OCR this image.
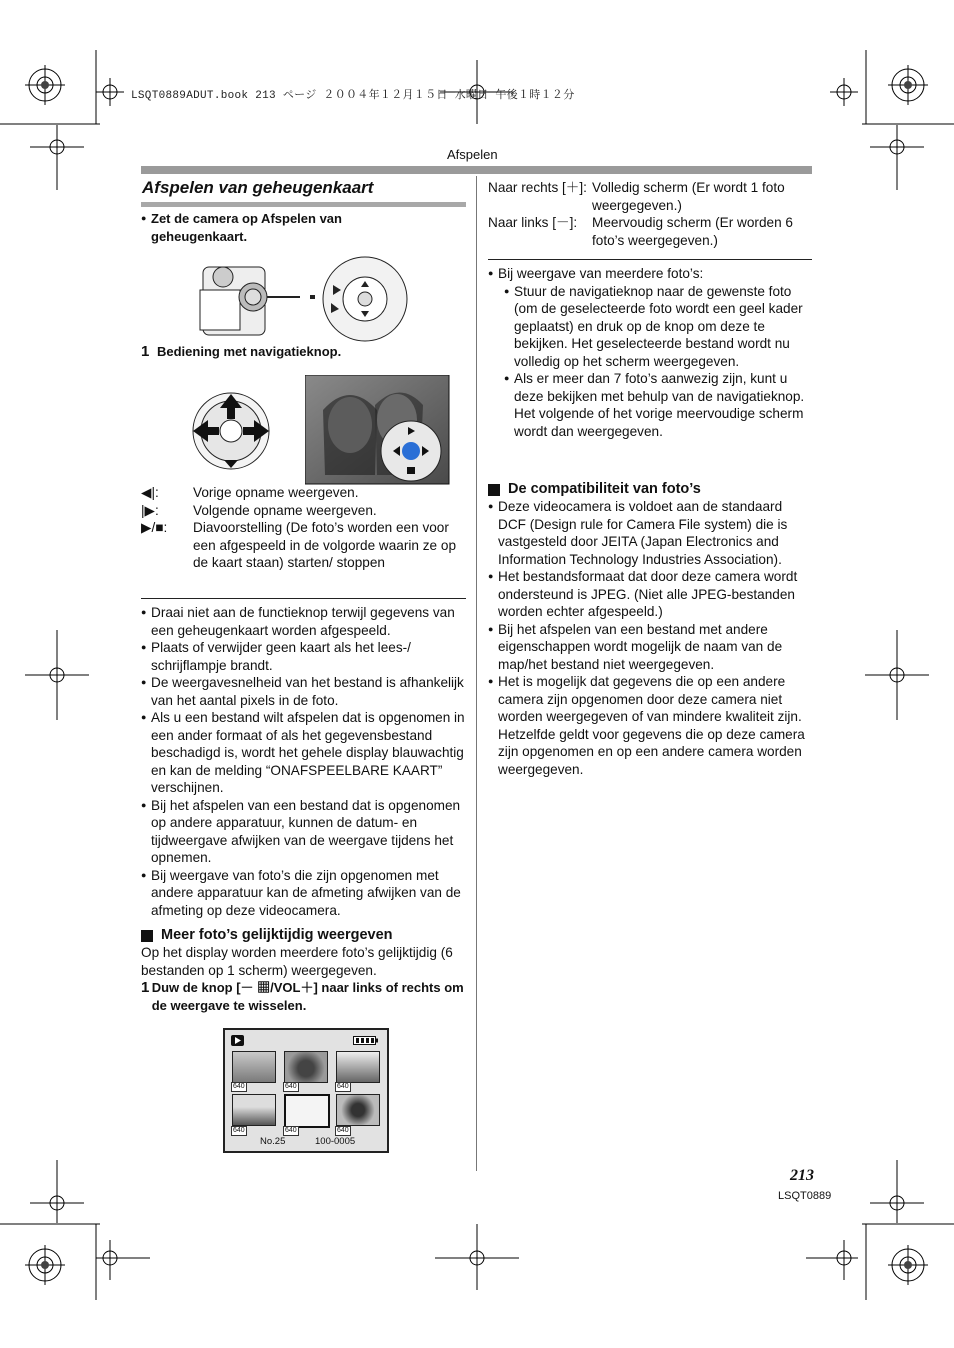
LSQT0889ADUT.book 213 ページ ２００４年１２月１５日 水曜日 午後１時１２分
Afspelen
Afspelen van geheugenkaart
● Zet de camera op Afspelen van geheugenkaart.
1 Bediening met navigatieknop.
◀|:	Vorige opname weergeven.
|▶:	Volgende opname weergeven.
▶/■:	Diavoorstelling (De foto’s worden een voor een afgespeeld in de volgorde waarin ze op de kaart staan) starten/ stoppen
● Draai niet aan de functieknop terwijl gegevens van een geheugenkaart worden afgespeeld.
● Plaats of verwijder geen kaart als het lees-/ schrijflampje brandt.
● De weergavesnelheid van het bestand is afhankelijk van het aantal pixels in de foto.
● Als u een bestand wilt afspelen dat is opgenomen in een ander formaat of als het gegevensbestand beschadigd is, wordt het gehele display blauwachtig en kan de melding “ONAFSPEELBARE KAART” verschijnen.
● Bij het afspelen van een bestand dat is opgenomen op andere apparatuur, kunnen de datum- en tijdweergave afwijken van de weergave tijdens het opnemen.
● Bij weergave van foto’s die zijn opgenomen met andere apparatuur kan de afmeting afwijken van de afmeting op deze videocamera.
Meer foto’s gelijktijdig weergeven
Op het display worden meerdere foto’s gelijktijdig (6 bestanden op 1 scherm) weergegeven.
1 Duw de knop [－ ▦/VOL＋] naar links of rechts om de weergave te wisselen.
640	640	640
640	640	640
No.25	100-0005
Naar rechts [＋]: Volledig scherm (Er wordt 1 foto weergegeven.)
Naar links [－]:	Meervoudig scherm (Er worden 6 foto’s weergegeven.)
● Bij weergave van meerdere foto’s:
● Stuur de navigatieknop naar de gewenste foto (om de geselecteerde foto wordt een geel kader geplaatst) en druk op de knop om deze te bekijken. Het geselecteerde bestand wordt nu volledig op het scherm weergegeven.
● Als er meer dan 7 foto’s aanwezig zijn, kunt u deze bekijken met behulp van de navigatieknop. Het volgende of het vorige meervoudige scherm wordt dan weergegeven.
De compatibiliteit van foto’s
● Deze videocamera is voldoet aan de standaard DCF (Design rule for Camera File system) die is vastgesteld door JEITA (Japan Electronics and Information Technology Industries Association).
● Het bestandsformaat dat door deze camera wordt ondersteund is JPEG. (Niet alle JPEG-bestanden worden echter afgespeeld.)
● Bij het afspelen van een bestand met andere eigenschappen wordt mogelijk de naam van de map/het bestand niet weergegeven.
● Het is mogelijk dat gegevens die op een andere camera zijn opgenomen door deze camera niet worden weergegeven of van mindere kwaliteit zijn. Hetzelfde geldt voor gegevens die op deze camera zijn opgenomen en op een andere camera worden weergegeven.
213
LSQT0889
